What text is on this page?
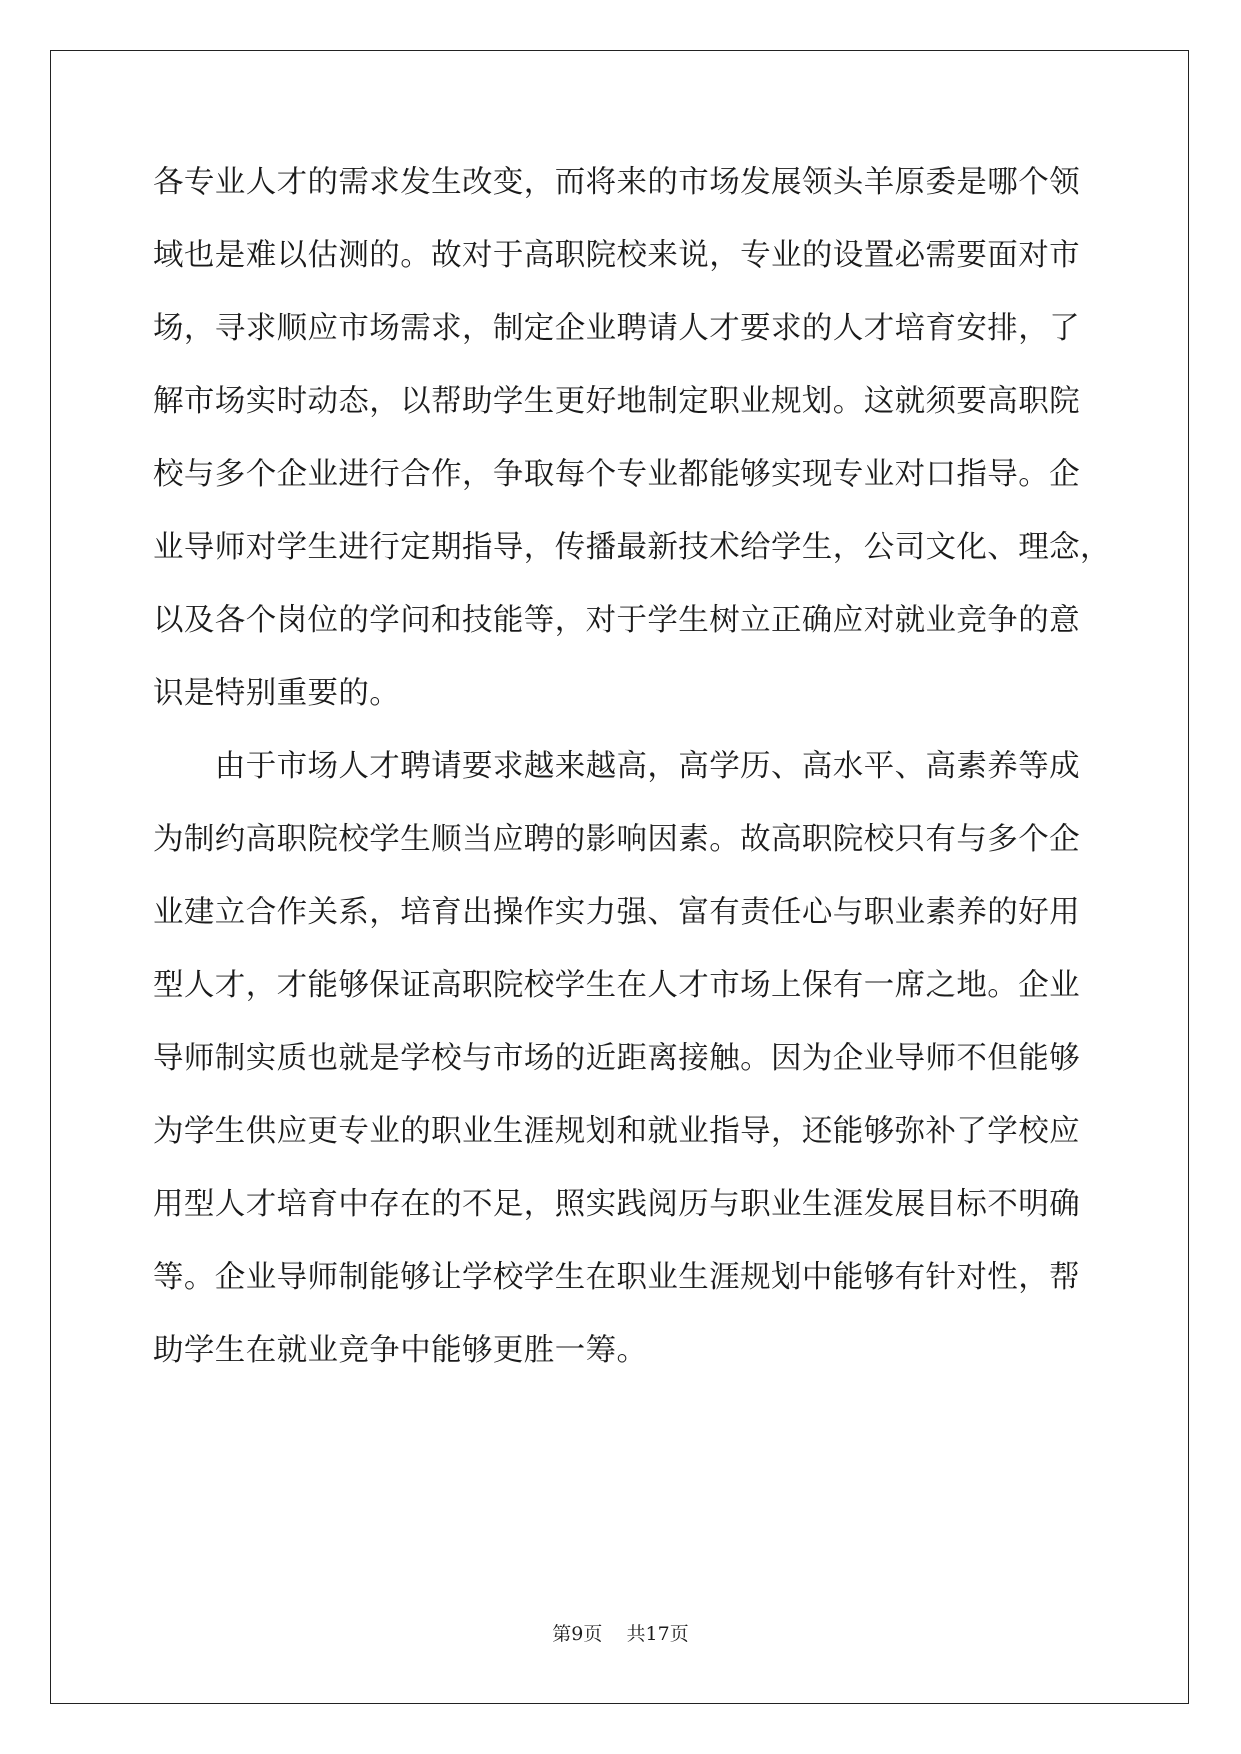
各专业人才的需求发生改变，而将来的市场发展领头羊原委是哪个领
域也是难以估测的。故对于高职院校来说，专业的设置必需要面对市
场，寻求顺应市场需求，制定企业聘请人才要求的人才培育安排，了
解市场实时动态，以帮助学生更好地制定职业规划。这就须要高职院
校与多个企业进行合作，争取每个专业都能够实现专业对口指导。企
业导师对学生进行定期指导，传播最新技术给学生，公司文化、理念，
以及各个岗位的学问和技能等，对于学生树立正确应对就业竞争的意
识是特别重要的。
　　由于市场人才聘请要求越来越高，高学历、高水平、高素养等成
为制约高职院校学生顺当应聘的影响因素。故高职院校只有与多个企
业建立合作关系，培育出操作实力强、富有责任心与职业素养的好用
型人才，才能够保证高职院校学生在人才市场上保有一席之地。企业
导师制实质也就是学校与市场的近距离接触。因为企业导师不但能够
为学生供应更专业的职业生涯规划和就业指导，还能够弥补了学校应
用型人才培育中存在的不足，照实践阅历与职业生涯发展目标不明确
等。企业导师制能够让学校学生在职业生涯规划中能够有针对性，帮
助学生在就业竞争中能够更胜一筹。
第9页 共17页
